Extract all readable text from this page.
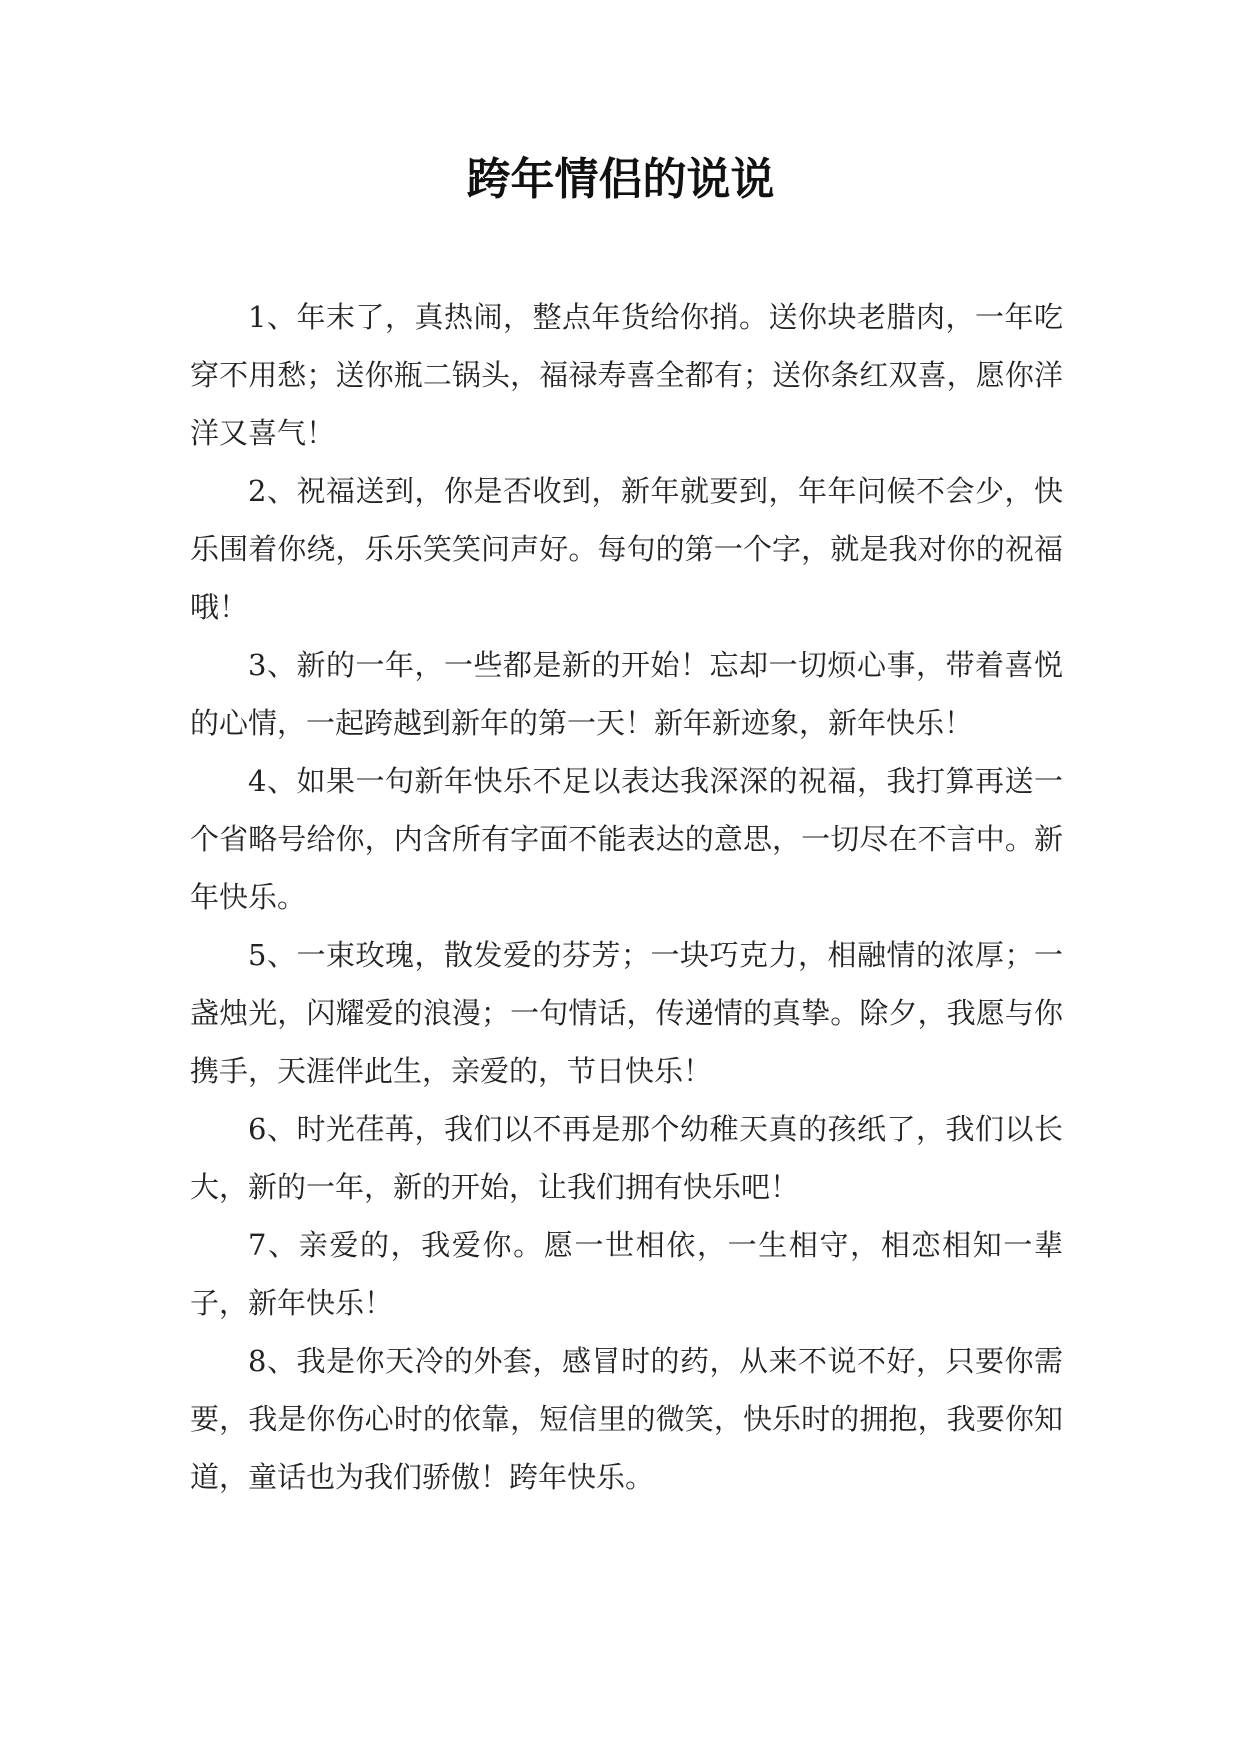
跨年情侣的说说

1、年末了，真热闹，整点年货给你捎。送你块老腊肉，一年吃穿不用愁；送你瓶二锅头，福禄寿喜全都有；送你条红双喜，愿你洋洋又喜气！

2、祝福送到，你是否收到，新年就要到，年年问候不会少，快乐围着你绕，乐乐笑笑问声好。每句的第一个字，就是我对你的祝福哦！

3、新的一年，一些都是新的开始！忘却一切烦心事，带着喜悦的心情，一起跨越到新年的第一天！新年新迹象，新年快乐！

4、如果一句新年快乐不足以表达我深深的祝福，我打算再送一个省略号给你，内含所有字面不能表达的意思，一切尽在不言中。新年快乐。

5、一束玫瑰，散发爱的芬芳；一块巧克力，相融情的浓厚；一盏烛光，闪耀爱的浪漫；一句情话，传递情的真挚。除夕，我愿与你携手，天涯伴此生，亲爱的，节日快乐！

6、时光荏苒，我们以不再是那个幼稚天真的孩纸了，我们以长大，新的一年，新的开始，让我们拥有快乐吧！

7、亲爱的，我爱你。愿一世相依，一生相守，相恋相知一辈子，新年快乐！

8、我是你天冷的外套，感冒时的药，从来不说不好，只要你需要，我是你伤心时的依靠，短信里的微笑，快乐时的拥抱，我要你知道，童话也为我们骄傲！跨年快乐。
